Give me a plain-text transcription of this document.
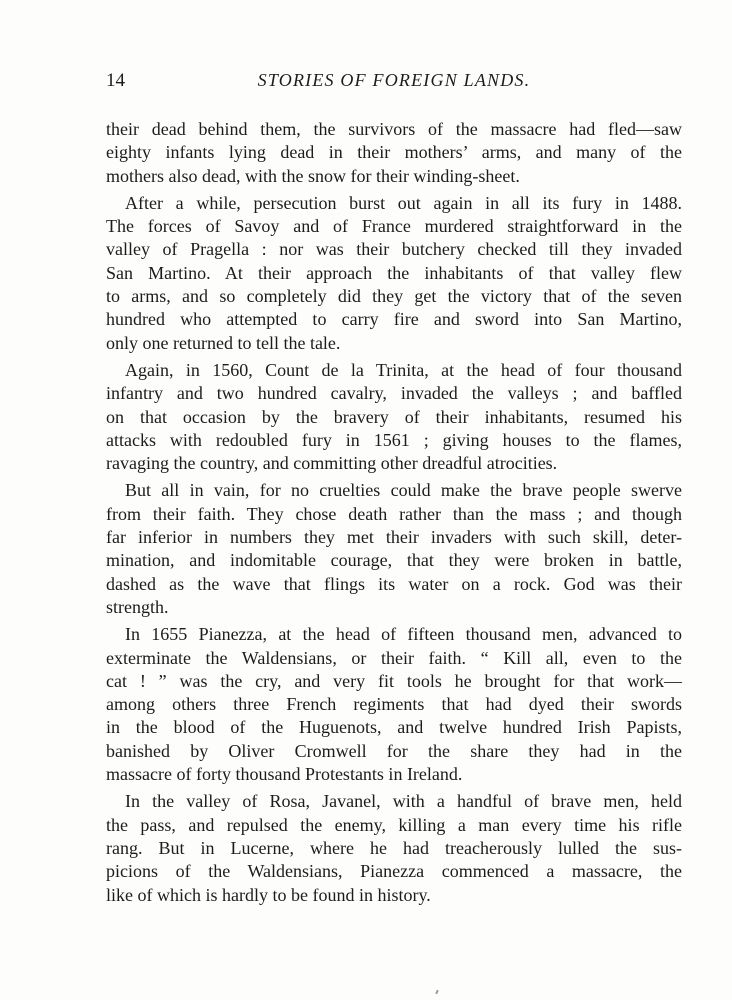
14	STORIES OF FOREIGN LANDS.

their dead behind them, the survivors of the massacre had fled—saw
eighty infants lying dead in their mothers’ arms, and many of the
mothers also dead, with the snow for their winding-sheet.

After a while, persecution burst out again in all its fury in 1488.
The forces of Savoy and of France murdered straightforward in the
valley of Pragella : nor was their butchery checked till they invaded
San Martino. At their approach the inhabitants of that valley flew
to arms, and so completely did they get the victory that of the seven
hundred who attempted to carry fire and sword into San Martino,
only one returned to tell the tale.

Again, in 1560, Count de la Trinita, at the head of four thousand
infantry and two hundred cavalry, invaded the valleys ; and baffled
on that occasion by the bravery of their inhabitants, resumed his
attacks with redoubled fury in 1561 ; giving houses to the flames,
ravaging the country, and committing other dreadful atrocities.

But all in vain, for no cruelties could make the brave people swerve
from their faith. They chose death rather than the mass ; and though
far inferior in numbers they met their invaders with such skill, deter-
mination, and indomitable courage, that they were broken in battle,
dashed as the wave that flings its water on a rock. God was their
strength.

In 1655 Pianezza, at the head of fifteen thousand men, advanced to
exterminate the Waldensians, or their faith. “ Kill all, even to the
cat ! ” was the cry, and very fit tools he brought for that work—
among others three French regiments that had dyed their swords
in the blood of the Huguenots, and twelve hundred Irish Papists,
banished by Oliver Cromwell for the share they had in the
massacre of forty thousand Protestants in Ireland.

In the valley of Rosa, Javanel, with a handful of brave men, held
the pass, and repulsed the enemy, killing a man every time his rifle
rang. But in Lucerne, where he had treacherously lulled the sus-
picions of the Waldensians, Pianezza commenced a massacre, the
like of which is hardly to be found in history.
